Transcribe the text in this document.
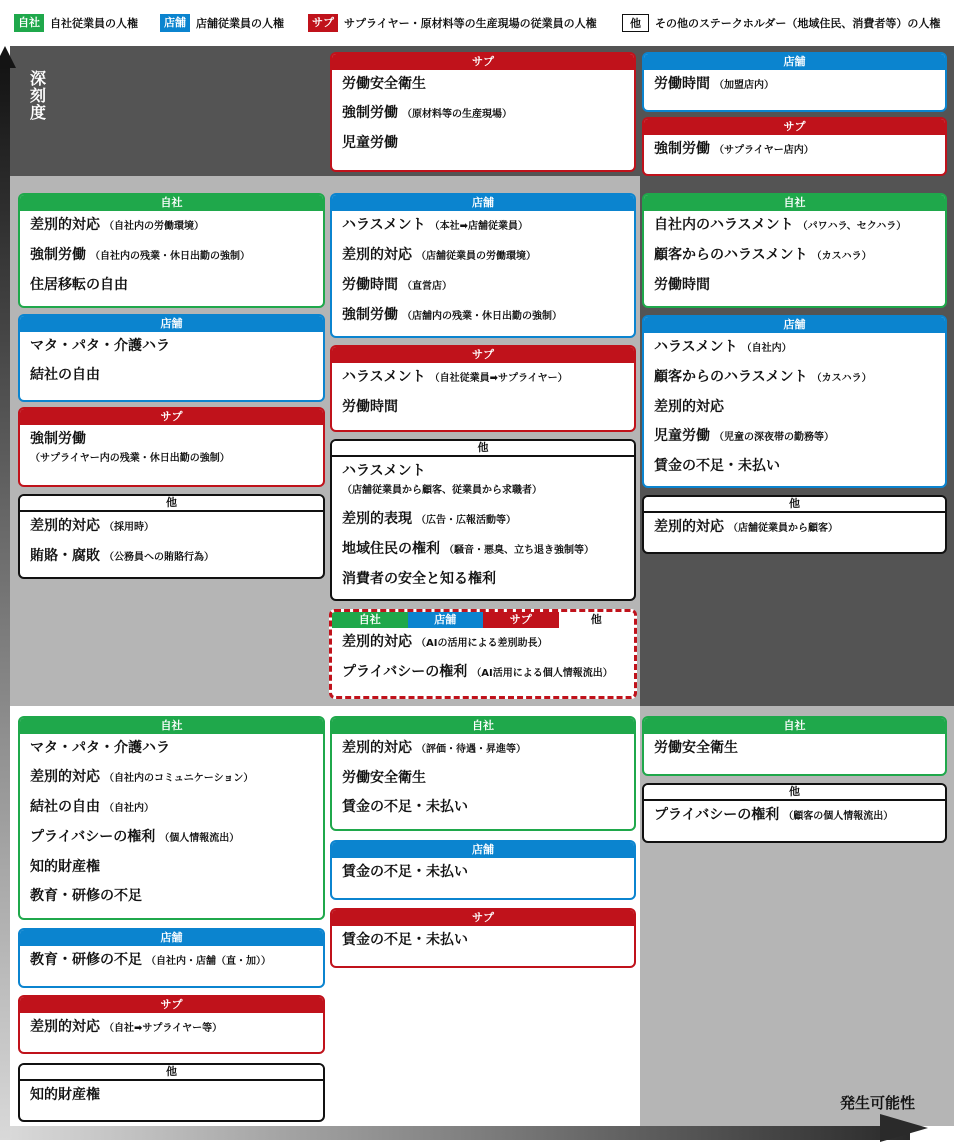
深刻度
発生可能性
自社 自社従業員の人権	店舗 店舗従業員の人権	サプ サプライヤー・原材料等の生産現場の従業員の人権	他	その他のステークホルダー（地域住民、消費者等）の人権
サプ
労働安全衛生
強制労働 （原材料等の生産現場）
児童労働
店舗
労働時間 （加盟店内）
サプ
強制労働 （サプライヤー店内）
自社
差別的対応 （自社内の労働環境）
強制労働 （自社内の残業・休日出勤の強制）
住居移転の自由
店舗
マタ・パタ・介護ハラ
結社の自由
サプ
強制労働
（サプライヤー内の残業・休日出勤の強制）
他
差別的対応 （採用時）
賄賂・腐敗 （公務員への賄賂行為）
店舗
ハラスメント （本社➡店舗従業員）
差別的対応 （店舗従業員の労働環境）
労働時間 （直営店）
強制労働 （店舗内の残業・休日出勤の強制）
サプ
ハラスメント （自社従業員➡サプライヤー）
労働時間
他
ハラスメント
（店舗従業員から顧客、従業員から求職者）
差別的表現 （広告・広報活動等）
地域住民の権利 （騒音・悪臭、立ち退き強制等）
消費者の安全と知る権利
自社	店舗	サプ	他
差別的対応 （AIの活用による差別助長）
プライバシーの権利 （AI活用による個人情報流出）
自社
自社内のハラスメント （パワハラ、セクハラ）
顧客からのハラスメント （カスハラ）
労働時間
店舗
ハラスメント （自社内）
顧客からのハラスメント （カスハラ）
差別的対応
児童労働 （児童の深夜帯の勤務等）
賃金の不足・未払い
他
差別的対応 （店舗従業員から顧客）
自社
マタ・パタ・介護ハラ
差別的対応 （自社内のコミュニケーション）
結社の自由 （自社内）
プライバシーの権利 （個人情報流出）
知的財産権
教育・研修の不足
店舗
教育・研修の不足 （自社内・店舗（直・加））
サプ
差別的対応 （自社➡サプライヤー等）
他
知的財産権
自社
差別的対応 （評価・待遇・昇進等）
労働安全衛生
賃金の不足・未払い
店舗
賃金の不足・未払い
サプ
賃金の不足・未払い
自社
労働安全衛生
他
プライバシーの権利 （顧客の個人情報流出）
